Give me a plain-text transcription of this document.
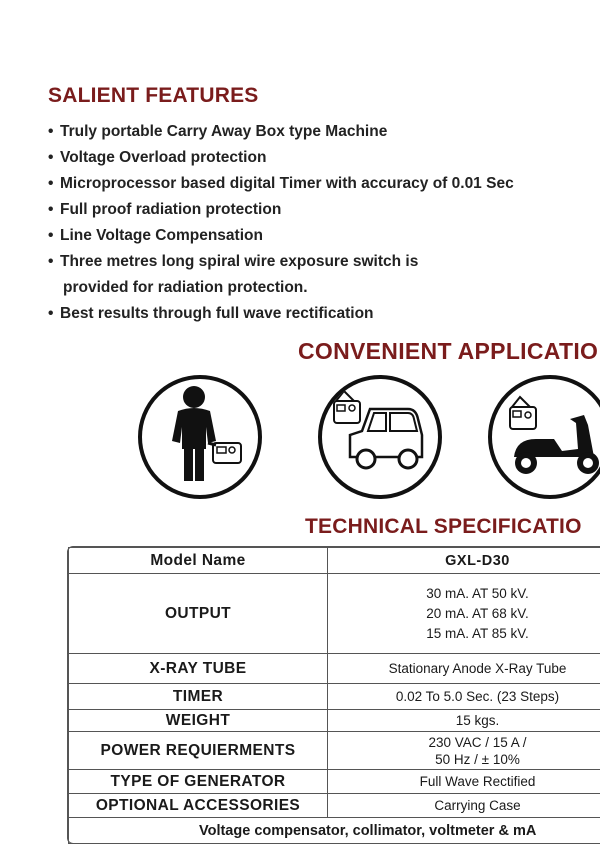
SALIENT FEATURES
• Truly portable Carry Away Box type Machine
• Voltage Overload protection
• Microprocessor based digital Timer with accuracy of 0.01 Sec
• Full proof radiation protection
• Line Voltage Compensation
• Three metres long spiral wire exposure switch is
provided for radiation protection.
• Best results through full wave rectification
CONVENIENT APPLICATIO
TECHNICAL SPECIFICATIO
Model Name	GXL-D30
OUTPUT	30 mA. AT 50 kV.
20 mA. AT 68 kV.
15 mA. AT 85 kV.

X-RAY TUBE	Stationary Anode X-Ray Tube
TIMER	0.02 To 5.0 Sec. (23 Steps)
WEIGHT	15 kgs.
POWER REQUIERMENTS	230 VAC / 15 A /
50 Hz / ± 10%

TYPE OF GENERATOR	Full Wave Rectified
OPTIONAL ACCESSORIES	Carrying Case
Voltage compensator, collimator, voltmeter & mA	
